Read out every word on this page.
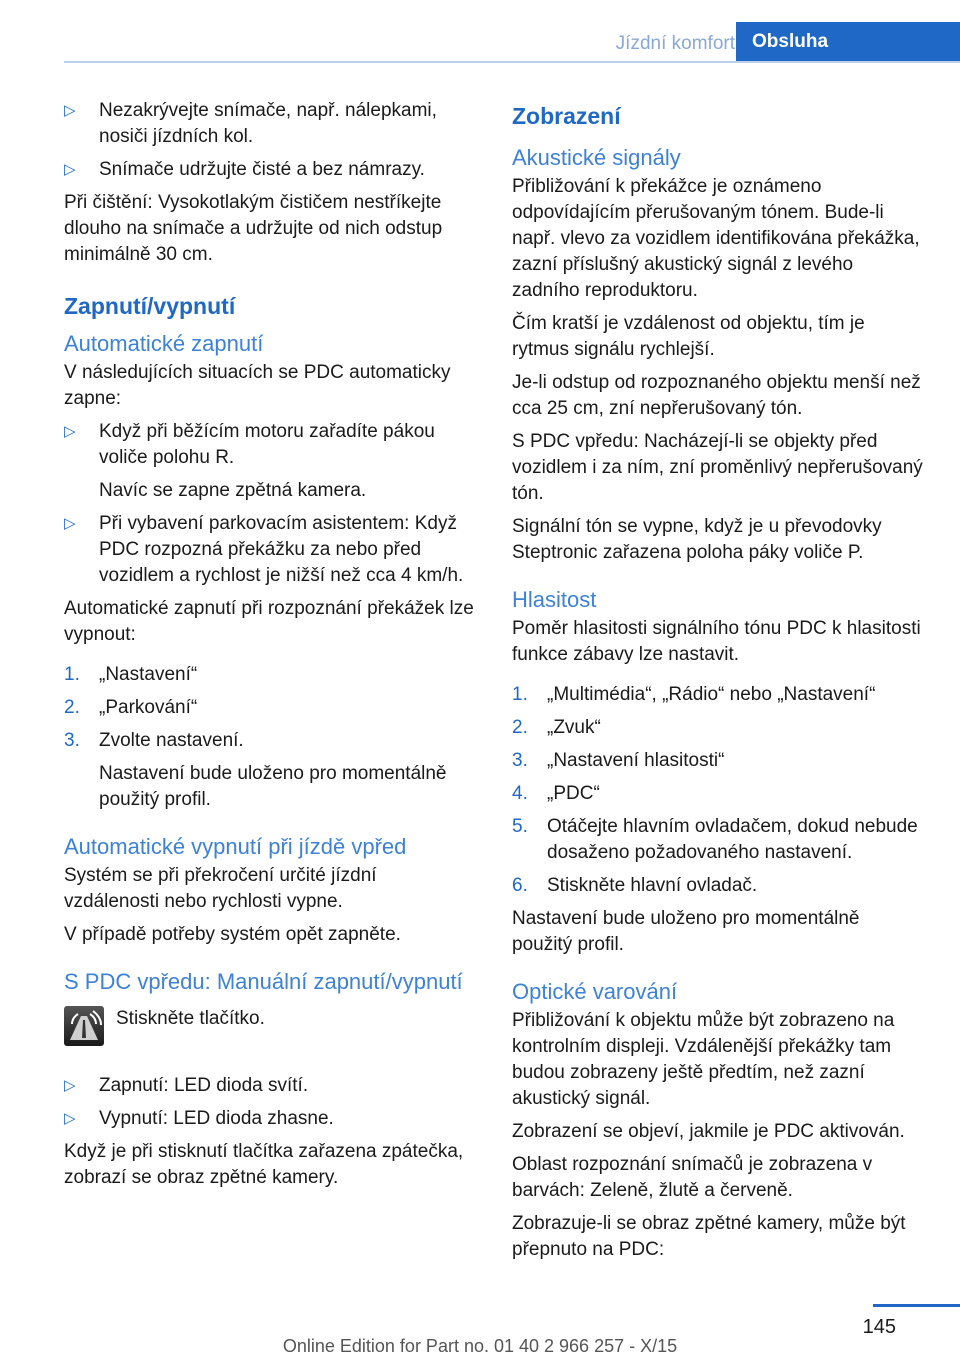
Jízdní komfort Obsluha
▷ Nezakrývejte snímače, např. nálepkami, nosiči jízdních kol.
▷ Snímače udržujte čisté a bez námrazy.

Při čištění: Vysokotlakým čističem nestříkejte dlouho na snímače a udržujte od nich odstup minimálně 30 cm.

Zapnutí/vypnutí
Automatické zapnutí

V následujících situacích se PDC automaticky zapne:

▷ Když při běžícím motoru zařadíte pákou voliče polohu R.
Navíc se zapne zpětná kamera.
▷ Při vybavení parkovacím asistentem: Když PDC rozpozná překážku za nebo před vozidlem a rychlost je nižší než cca 4 km/h.

Automatické zapnutí při rozpoznání překážek lze vypnout:

1. „Nastavení“
2. „Parkování“
3. Zvolte nastavení.
Nastavení bude uloženo pro momentálně použitý profil.
Automatické vypnutí při jízdě vpřed

Systém se při překročení určité jízdní vzdálenosti nebo rychlosti vypne.

V případě potřeby systém opět zapněte.

S PDC vpředu: Manuální zapnutí/vypnutí
Stiskněte tlačítko.
▷ Zapnutí: LED dioda svítí.
▷ Vypnutí: LED dioda zhasne.

Když je při stisknutí tlačítka zařazena zpátečka, zobrazí se obraz zpětné kamery.

Zobrazení
Akustické signály

Přibližování k překážce je oznámeno odpovídajícím přerušovaným tónem. Bude-li např. vlevo za vozidlem identifikována překážka, zazní příslušný akustický signál z levého zadního reproduktoru.

Čím kratší je vzdálenost od objektu, tím je rytmus signálu rychlejší.

Je-li odstup od rozpoznaného objektu menší než cca 25 cm, zní nepřerušovaný tón.

S PDC vpředu: Nacházejí-li se objekty před vozidlem i za ním, zní proměnlivý nepřerušovaný tón.

Signální tón se vypne, když je u převodovky Steptronic zařazena poloha páky voliče P.

Hlasitost

Poměr hlasitosti signálního tónu PDC k hlasitosti funkce zábavy lze nastavit.

1. „Multimédia“, „Rádio“ nebo „Nastavení“
2. „Zvuk“
3. „Nastavení hlasitosti“
4. „PDC“
5. Otáčejte hlavním ovladačem, dokud nebude dosaženo požadovaného nastavení.
6. Stiskněte hlavní ovladač.

Nastavení bude uloženo pro momentálně použitý profil.

Optické varování

Přibližování k objektu může být zobrazeno na kontrolním displeji. Vzdálenější překážky tam budou zobrazeny ještě předtím, než zazní akustický signál.

Zobrazení se objeví, jakmile je PDC aktivován.

Oblast rozpoznání snímačů je zobrazena v barvách: Zeleně, žlutě a červeně.

Zobrazuje-li se obraz zpětné kamery, může být přepnuto na PDC:

145
Online Edition for Part no. 01 40 2 966 257 - X/15
